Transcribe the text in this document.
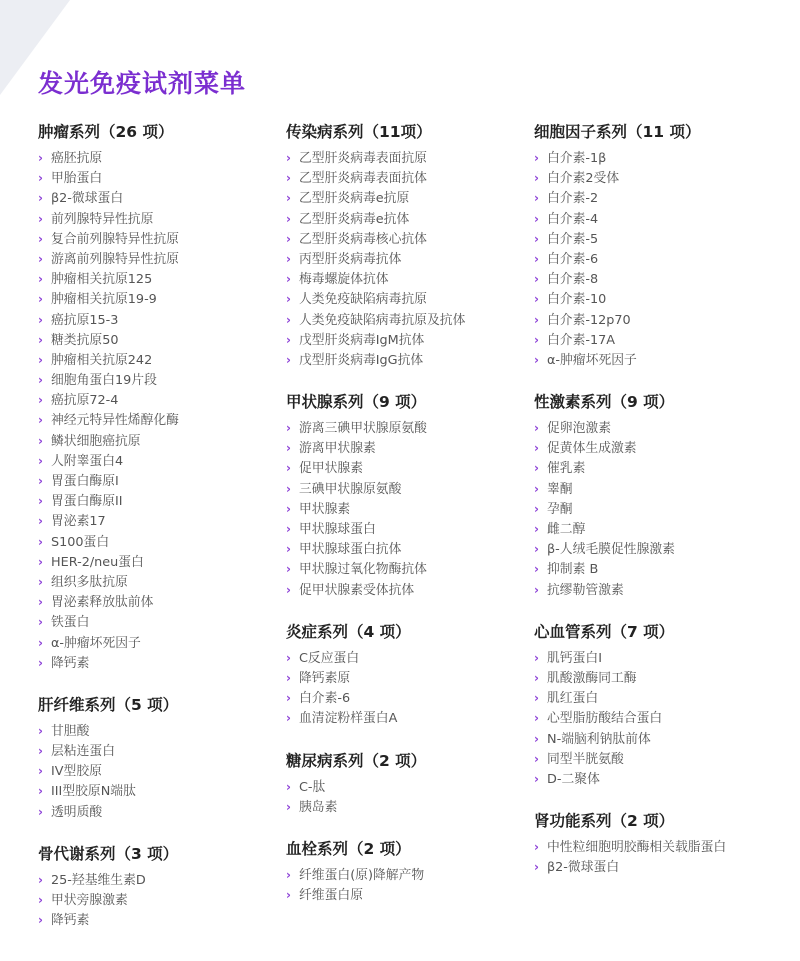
发光免疫试剂菜单
肿瘤系列（26 项）
› 癌胚抗原
› 甲胎蛋白
› β2-微球蛋白
› 前列腺特异性抗原
› 复合前列腺特异性抗原
› 游离前列腺特异性抗原
› 肿瘤相关抗原125
› 肿瘤相关抗原19-9
› 癌抗原15-3
› 糖类抗原50
› 肿瘤相关抗原242
› 细胞角蛋白19片段
› 癌抗原72-4
› 神经元特异性烯醇化酶
› 鳞状细胞癌抗原
› 人附睾蛋白4
› 胃蛋白酶原I
› 胃蛋白酶原II
› 胃泌素17
› S100蛋白
› HER-2/neu蛋白
› 组织多肽抗原
› 胃泌素释放肽前体
› 铁蛋白
› α-肿瘤坏死因子
› 降钙素
肝纤维系列（5 项）
› 甘胆酸
› 层粘连蛋白
› IV型胶原
› III型胶原N端肽
› 透明质酸
骨代谢系列（3 项）
› 25-羟基维生素D
› 甲状旁腺激素
› 降钙素
传染病系列（11项）
› 乙型肝炎病毒表面抗原
› 乙型肝炎病毒表面抗体
› 乙型肝炎病毒e抗原
› 乙型肝炎病毒e抗体
› 乙型肝炎病毒核心抗体
› 丙型肝炎病毒抗体
› 梅毒螺旋体抗体
› 人类免疫缺陷病毒抗原
› 人类免疫缺陷病毒抗原及抗体
› 戊型肝炎病毒IgM抗体
› 戊型肝炎病毒IgG抗体
甲状腺系列（9 项）
› 游离三碘甲状腺原氨酸
› 游离甲状腺素
› 促甲状腺素
› 三碘甲状腺原氨酸
› 甲状腺素
› 甲状腺球蛋白
› 甲状腺球蛋白抗体
› 甲状腺过氧化物酶抗体
› 促甲状腺素受体抗体
炎症系列（4 项）
› C反应蛋白
› 降钙素原
› 白介素-6
› 血清淀粉样蛋白A
糖尿病系列（2 项）
› C-肽
› 胰岛素
血栓系列（2 项）
› 纤维蛋白(原)降解产物
› 纤维蛋白原
细胞因子系列（11 项）
› 白介素-1β
› 白介素2受体
› 白介素-2
› 白介素-4
› 白介素-5
› 白介素-6
› 白介素-8
› 白介素-10
› 白介素-12p70
› 白介素-17A
› α-肿瘤坏死因子
性激素系列（9 项）
› 促卵泡激素
› 促黄体生成激素
› 催乳素
› 睾酮
› 孕酮
› 雌二醇
› β-人绒毛膜促性腺激素
› 抑制素 B
› 抗缪勒管激素
心血管系列（7 项）
› 肌钙蛋白I
› 肌酸激酶同工酶
› 肌红蛋白
› 心型脂肪酸结合蛋白
› N-端脑利钠肽前体
› 同型半胱氨酸
› D-二聚体
肾功能系列（2 项）
› 中性粒细胞明胶酶相关载脂蛋白
› β2-微球蛋白
